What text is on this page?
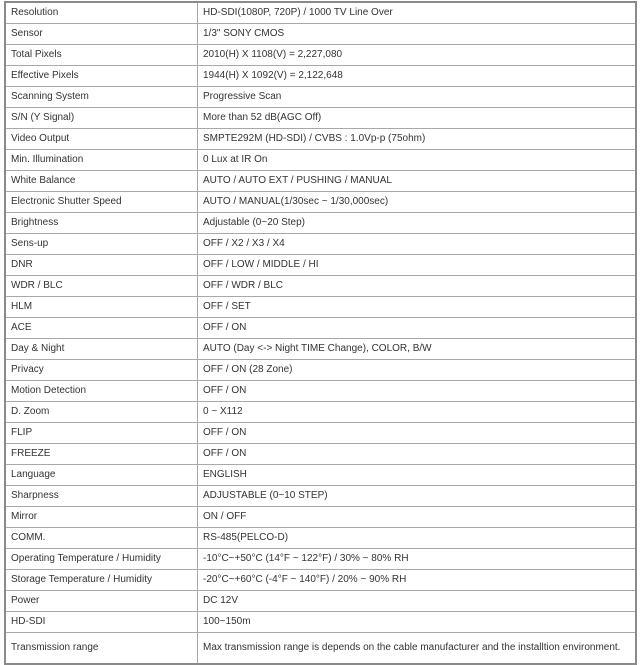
Resolution	HD-SDI(1080P, 720P) / 1000 TV Line Over
Sensor	1/3" SONY CMOS
Total Pixels	2010(H) X 1108(V) = 2,227,080
Effective Pixels	1944(H) X 1092(V) = 2,122,648
Scanning System	Progressive Scan
S/N (Y Signal)	More than 52 dB(AGC Off)
Video Output	SMPTE292M (HD-SDI) / CVBS : 1.0Vp-p (75ohm)
Min. Illumination	0 Lux at IR On
White Balance	AUTO / AUTO EXT / PUSHING / MANUAL
Electronic Shutter Speed	AUTO / MANUAL(1/30sec ~ 1/30,000sec)
Brightness	Adjustable (0~20 Step)
Sens-up	OFF / X2 / X3 / X4
DNR	OFF / LOW / MIDDLE / HI
WDR / BLC	OFF / WDR / BLC
HLM	OFF / SET
ACE	OFF / ON
Day & Night	AUTO (Day <-> Night TIME Change), COLOR, B/W
Privacy	OFF / ON (28 Zone)
Motion Detection	OFF / ON
D. Zoom	0 ~ X112
FLIP	OFF / ON
FREEZE	OFF / ON
Language	ENGLISH
Sharpness	ADJUSTABLE (0~10 STEP)
Mirror	ON / OFF
COMM.	RS-485(PELCO-D)
Operating Temperature / Humidity	-10°C~+50°C (14°F ~ 122°F) / 30% ~ 80% RH
Storage Temperature / Humidity	-20°C~+60°C (-4°F ~ 140°F) / 20% ~ 90% RH
Power	DC 12V
HD-SDI	100~150m
Transmission range	Max transmission range is depends on the cable manufacturer and the installtion environment.
